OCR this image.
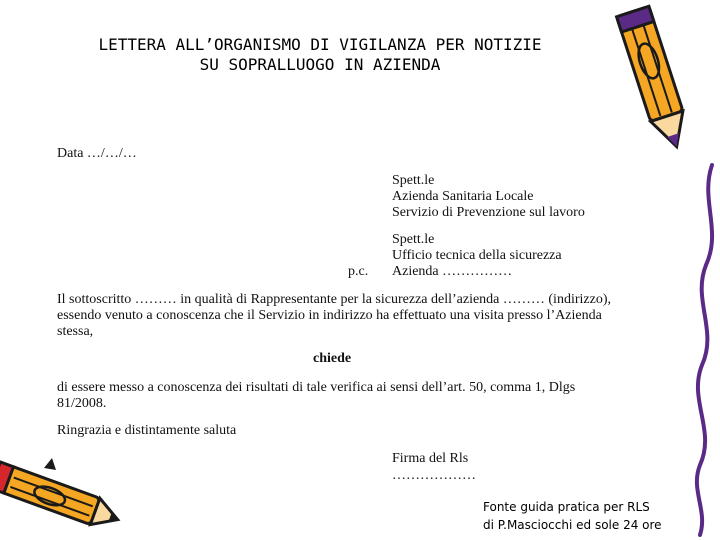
LETTERA ALL’ORGANISMO DI VIGILANZA PER NOTIZIE
SU SOPRALLUOGO IN AZIENDA
Data …/…/…
Spett.le
Azienda Sanitaria Locale
Servizio di Prevenzione sul lavoro
Spett.le
Ufficio tecnica della sicurezza
p.c. Azienda ……………
Il sottoscritto ……… in qualità di Rappresentante per la sicurezza dell’azienda ……… (indirizzo), essendo venuto a conoscenza che il Servizio in indirizzo ha effettuato una visita presso l’Azienda stessa,
chiede
di essere messo a conoscenza dei risultati di tale verifica ai sensi dell’art. 50, comma 1, Dlgs 81/2008.
Ringrazia e distintamente saluta
Firma del Rls
………………
Fonte guida pratica per RLS
di P.Masciocchi ed sole 24 ore
